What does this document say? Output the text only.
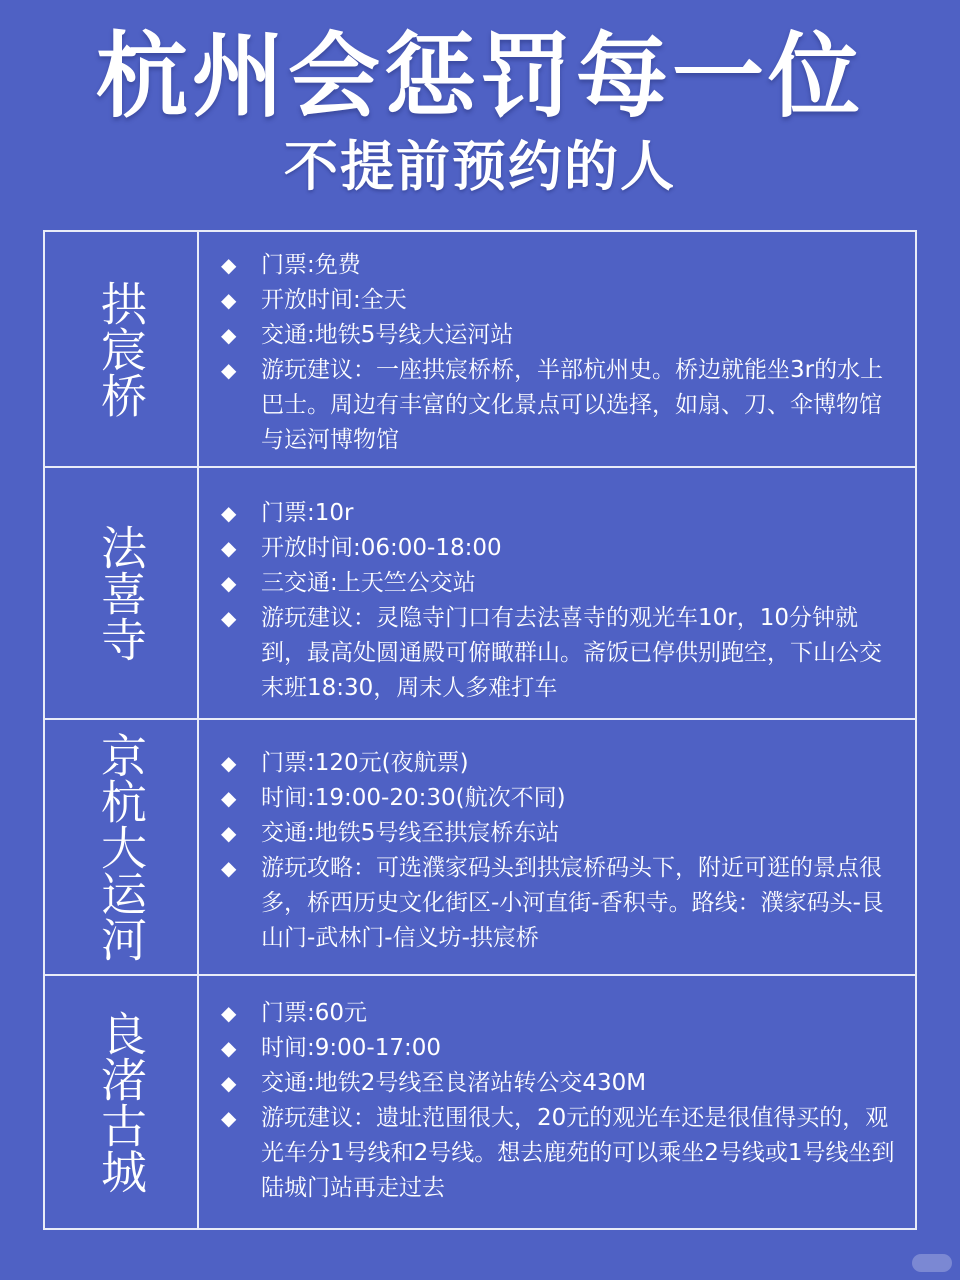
杭州会惩罚每一位
不提前预约的人
拱宸桥
◆ 门票:免费
◆ 开放时间:全天
◆ 交通:地铁5号线大运河站
◆ 游玩建议：一座拱宸桥桥，半部杭州史。桥边就能坐3r的水上巴士。周边有丰富的文化景点可以选择，如扇、刀、伞博物馆与运河博物馆
法喜寺
◆ 门票:10r
◆ 开放时间:06:00-18:00
◆ 三交通:上天竺公交站
◆ 游玩建议：灵隐寺门口有去法喜寺的观光车10r，10分钟就到，最高处圆通殿可俯瞰群山。斋饭已停供别跑空，下山公交末班18:30，周末人多难打车
京杭大运河	◆ 门票:120元(夜航票)
◆ 时间:19:00-20:30(航次不同)
◆ 交通:地铁5号线至拱宸桥东站
◆ 游玩攻略：可选濮家码头到拱宸桥码头下，附近可逛的景点很多，桥西历史文化街区-小河直街-香积寺。路线：濮家码头-艮山门-武林门-信义坊-拱宸桥
良渚古城	◆ 门票:60元
◆ 时间:9:00-17:00
◆ 交通:地铁2号线至良渚站转公交430M
◆ 游玩建议：遗址范围很大，20元的观光车还是很值得买的，观光车分1号线和2号线。想去鹿苑的可以乘坐2号线或1号线坐到陆城门站再走过去
